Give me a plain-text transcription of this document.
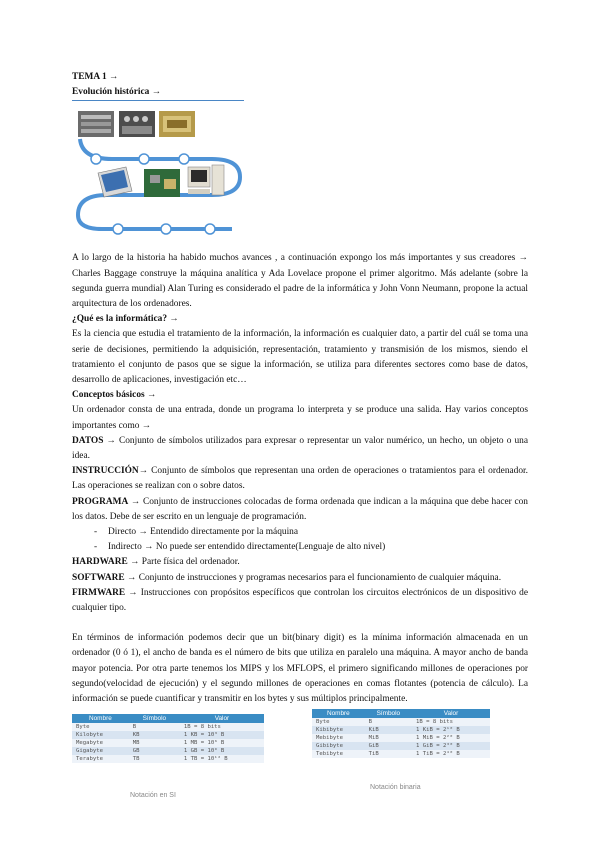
TEMA 1 →
Evolución histórica →
A lo largo de la historia ha habido muchos avances , a continuación expongo los más importantes y sus creadores → Charles Baggage construye la máquina analítica y Ada Lovelace propone el primer algoritmo. Más adelante (sobre la segunda guerra mundial) Alan Turing es considerado el padre de la informática y John Vonn Neumann, propone la actual arquitectura de los ordenadores.
¿Qué es la informática? →
Es la ciencia que estudia el tratamiento de la información, la información es cualquier dato, a partir del cuál se toma una serie de decisiones, permitiendo la adquisición, representación, tratamiento y transmisión de los mismos, siendo el tratamiento el conjunto de pasos que se sigue la información, se utiliza para diferentes sectores como base de datos, desarrollo de aplicaciones, investigación etc…
Conceptos básicos →
Un ordenador consta de una entrada, donde un programa lo interpreta y se produce una salida. Hay varios conceptos importantes como →
DATOS → Conjunto de símbolos utilizados para expresar o representar un valor numérico, un hecho, un objeto o una idea.
INSTRUCCIÓN→ Conjunto de símbolos que representan una orden de operaciones o tratamientos para el ordenador. Las operaciones se realizan con o sobre datos.
PROGRAMA → Conjunto de instrucciones colocadas de forma ordenada que indican a la máquina que debe hacer con los datos. Debe de ser escrito en un lenguaje de programación.
- Directo → Entendido directamente por la máquina
- Indirecto → No puede ser entendido directamente(Lenguaje de alto nivel)
HARDWARE → Parte física del ordenador.
SOFTWARE → Conjunto de instrucciones y programas necesarios para el funcionamiento de cualquier máquina.
FIRMWARE → Instrucciones con propósitos específicos que controlan los circuitos electrónicos de un dispositivo de cualquier tipo.
En términos de información podemos decir que un bit(binary digit) es la mínima información almacenada en un ordenador (0 ó 1), el ancho de banda es el número de bits que utiliza en paralelo una máquina. A mayor ancho de banda mayor potencia. Por otra parte tenemos los MIPS y los MFLOPS, el primero significando millones de operaciones por segundo(velocidad de ejecución) y el segundo millones de operaciones en comas flotantes (potencia de cálculo). La información se puede cuantificar y transmitir en los bytes y sus múltiplos principalmente.
Nombre	Símbolo	Valor
Byte	B	1B = 8 bits
Kilobyte	KB	1 KB = 10³ B
Megabyte	MB	1 MB = 10⁶ B
Gigabyte	GB	1 GB = 10⁹ B
Terabyte	TB	1 TB = 10¹² B
Notación en SI
Nombre	Símbolo	Valor
Byte	B	1B = 8 bits
Kibibyte	KiB	1 KiB = 2¹⁰ B
Mebibyte	MiB	1 MiB = 2²⁰ B
Gibibyte	GiB	1 GiB = 2³⁰ B
Tebibyte	TiB	1 TiB = 2⁴⁰ B
Notación binaria
